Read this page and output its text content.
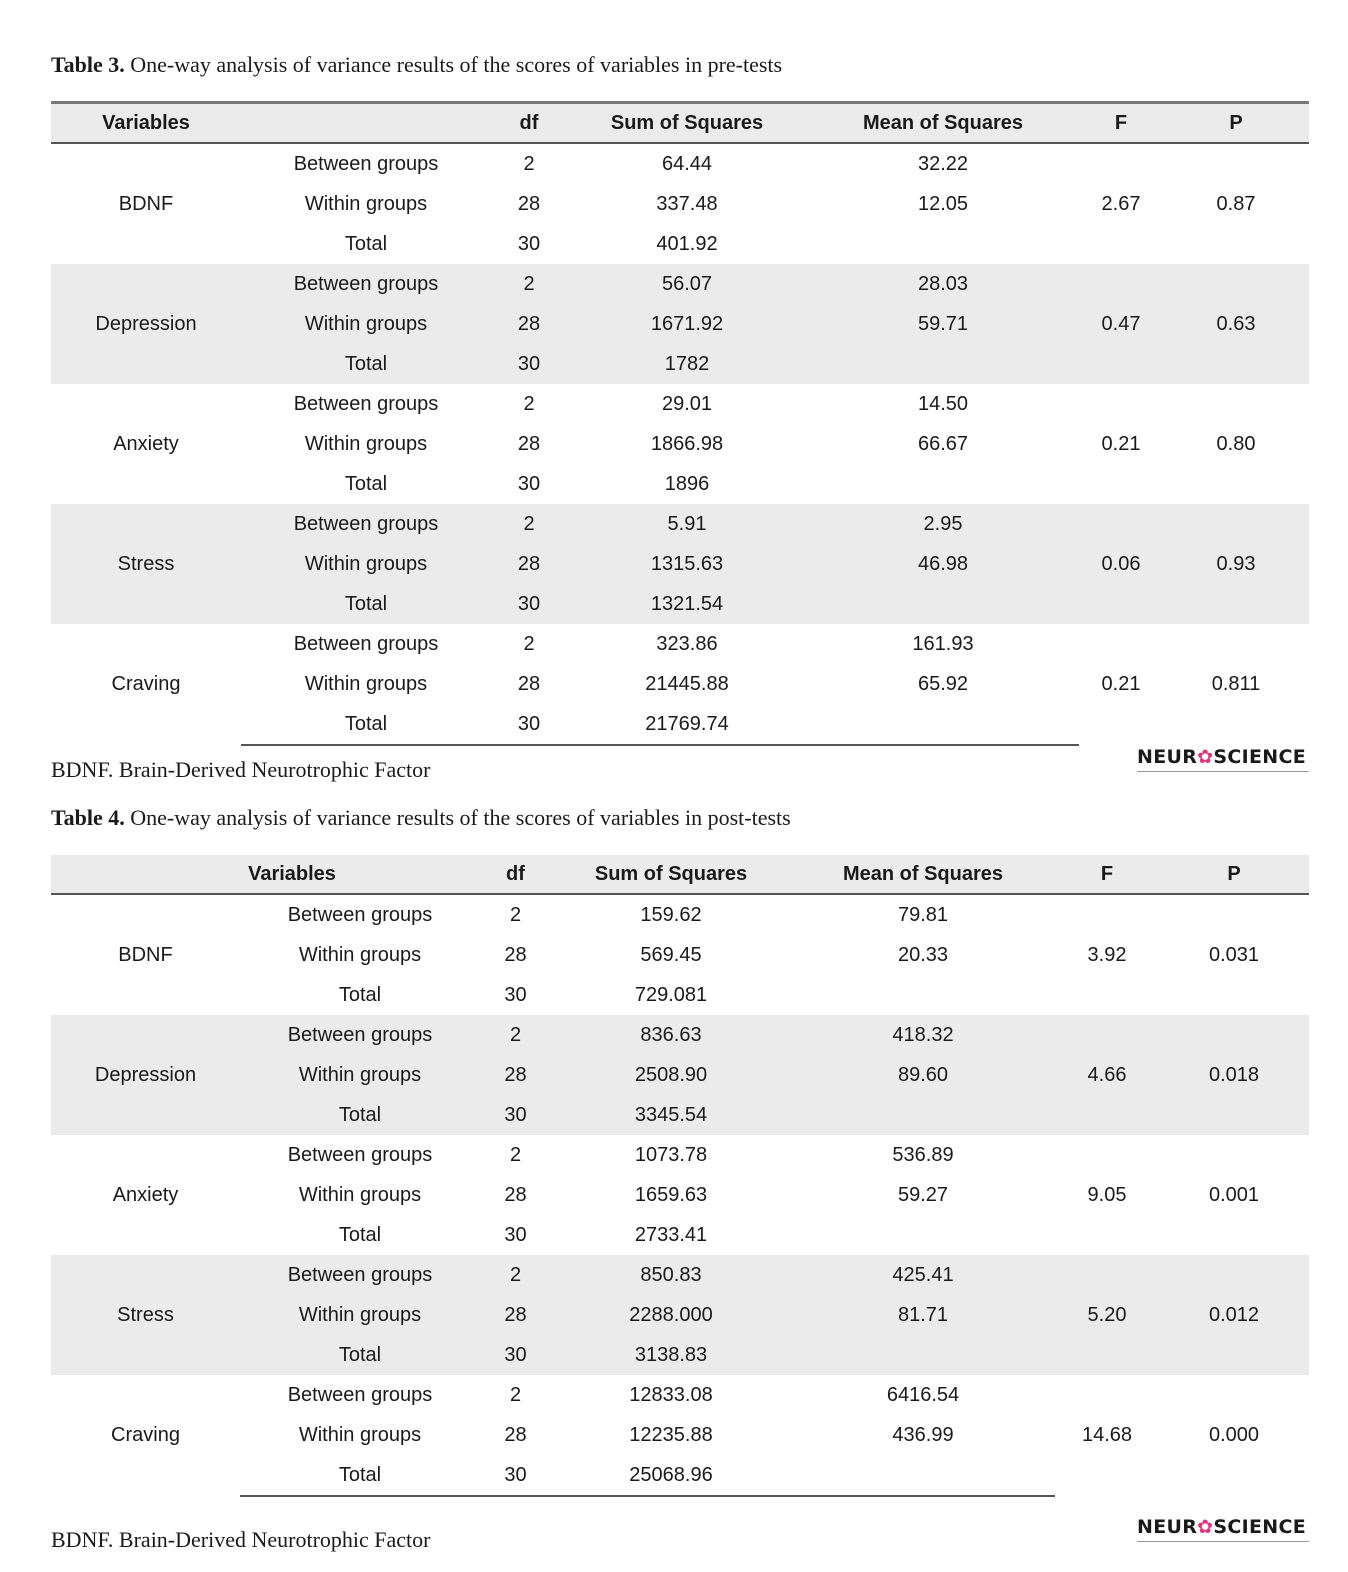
Table 3. One-way analysis of variance results of the scores of variables in pre-tests
Variables		df	Sum of Squares	Mean of Squares	F	P
BDNF	Between groups	2	64.44	32.22	2.67	0.87
	Within groups	28	337.48	12.05		
	Total	30	401.92			
Depression	Between groups	2	56.07	28.03	0.47	0.63
	Within groups	28	1671.92	59.71		
	Total	30	1782			
Anxiety	Between groups	2	29.01	14.50	0.21	0.80
	Within groups	28	1866.98	66.67		
	Total	30	1896			
Stress	Between groups	2	5.91	2.95	0.06	0.93
	Within groups	28	1315.63	46.98		
	Total	30	1321.54			
Craving	Between groups	2	323.86	161.93	0.21	0.811
	Within groups	28	21445.88	65.92		
	Total	30	21769.74			
BDNF. Brain-Derived Neurotrophic Factor	NEUR✿SCIENCE
Table 4. One-way analysis of variance results of the scores of variables in post-tests
Variables		df	Sum of Squares	Mean of Squares	F	P
BDNF	Between groups	2	159.62	79.81	3.92	0.031
	Within groups	28	569.45	20.33		
	Total	30	729.081			
Depression	Between groups	2	836.63	418.32	4.66	0.018
	Within groups	28	2508.90	89.60		
	Total	30	3345.54			
Anxiety	Between groups	2	1073.78	536.89	9.05	0.001
	Within groups	28	1659.63	59.27		
	Total	30	2733.41			
Stress	Between groups	2	850.83	425.41	5.20	0.012
	Within groups	28	2288.000	81.71		
	Total	30	3138.83			
Craving	Between groups	2	12833.08	6416.54	14.68	0.000
	Within groups	28	12235.88	436.99		
	Total	30	25068.96			
BDNF. Brain-Derived Neurotrophic Factor	NEUR✿SCIENCE
